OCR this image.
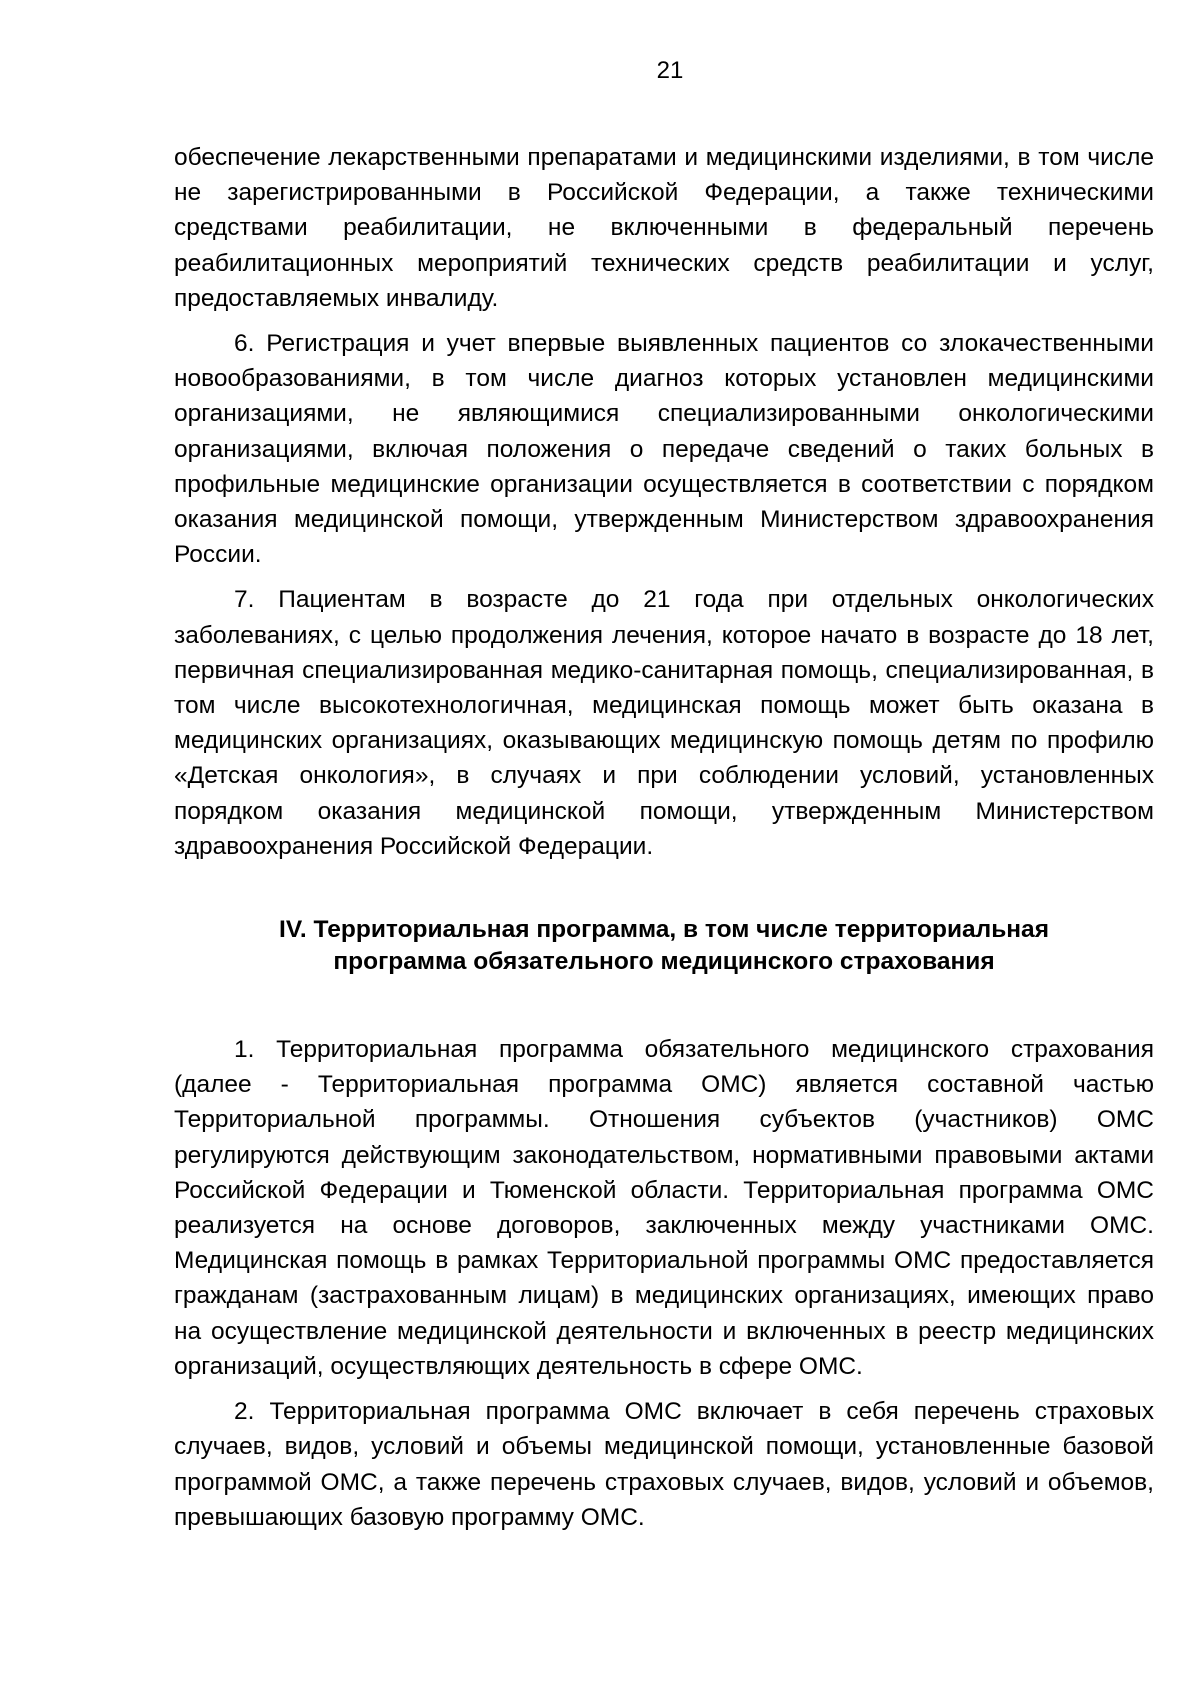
21

обеспечение лекарственными препаратами и медицинскими изделиями, в том числе не зарегистрированными в Российской Федерации, а также техническими средствами реабилитации, не включенными в федеральный перечень реабилитационных мероприятий технических средств реабилитации и услуг, предоставляемых инвалиду.

6. Регистрация и учет впервые выявленных пациентов со злокачественными новообразованиями, в том числе диагноз которых установлен медицинскими организациями, не являющимися специализированными онкологическими организациями, включая положения о передаче сведений о таких больных в профильные медицинские организации осуществляется в соответствии с порядком оказания медицинской помощи, утвержденным Министерством здравоохранения России.

7. Пациентам в возрасте до 21 года при отдельных онкологических заболеваниях, с целью продолжения лечения, которое начато в возрасте до 18 лет, первичная специализированная медико-санитарная помощь, специализированная, в том числе высокотехнологичная, медицинская помощь может быть оказана в медицинских организациях, оказывающих медицинскую помощь детям по профилю «Детская онкология», в случаях и при соблюдении условий, установленных порядком оказания медицинской помощи, утвержденным Министерством здравоохранения Российской Федерации.

IV. Территориальная программа, в том числе территориальная
программа обязательного медицинского страхования

1. Территориальная программа обязательного медицинского страхования (далее - Территориальная программа ОМС) является составной частью Территориальной программы. Отношения субъектов (участников) ОМС регулируются действующим законодательством, нормативными правовыми актами Российской Федерации и Тюменской области. Территориальная программа ОМС реализуется на основе договоров, заключенных между участниками ОМС. Медицинская помощь в рамках Территориальной программы ОМС предоставляется гражданам (застрахованным лицам) в медицинских организациях, имеющих право на осуществление медицинской деятельности и включенных в реестр медицинских организаций, осуществляющих деятельность в сфере ОМС.

2. Территориальная программа ОМС включает в себя перечень страховых случаев, видов, условий и объемы медицинской помощи, установленные базовой программой ОМС, а также перечень страховых случаев, видов, условий и объемов, превышающих базовую программу ОМС.
